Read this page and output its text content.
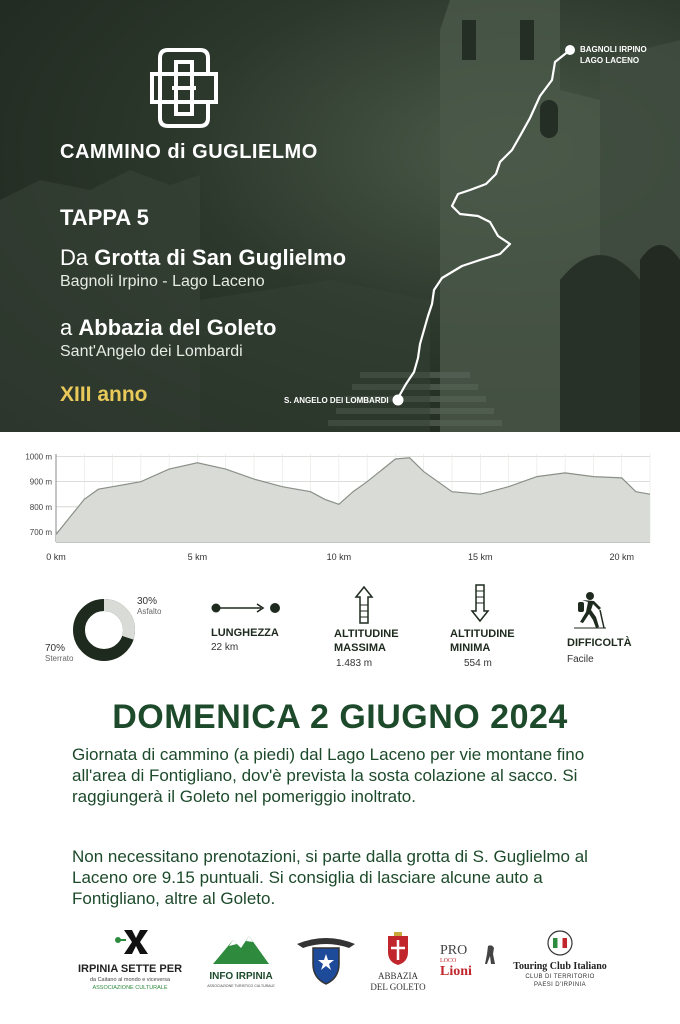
CAMMINO di GUGLIELMO
TAPPA 5
Da Grotta di San Guglielmo
Bagnoli Irpino - Lago Laceno
a Abbazia del Goleto
Sant'Angelo dei Lombardi
XIII anno
BAGNOLI IRPINO
LAGO LACENO
S. ANGELO DEI LOMBARDI
700 m
800 m
900 m
1000 m
0 km	5 km	10 km	15 km	20 km
30%
Asfalto
70%
Sterrato
LUNGHEZZA
22 km
ALTITUDINE
MASSIMA
1.483 m
ALTITUDINE
MINIMA
554 m
DIFFICOLTÀ
Facile
DOMENICA 2 GIUGNO 2024
Giornata di cammino (a piedi) dal Lago Laceno per vie montane fino all'area di Fontigliano, dov'è prevista la sosta colazione al sacco. Si raggiungerà il Goleto nel pomeriggio inoltrato.
Non necessitano prenotazioni, si parte dalla grotta di S. Guglielmo al Laceno ore 9.15 puntuali. Si consiglia di lasciare alcune auto a Fontigliano, altre al Goleto.
IRPINIA SETTE PER
da Caitano al mondo e viceversa
ASSOCIAZIONE CULTURALE
INFO IRPINIA
ASSOCIAZIONE TURISTICO CULTURALE
ABBAZIA
DEL GOLETO
PRO
LOCO
Lioni	Touring Club Italiano
CLUB DI TERRITORIO
PAESI D'IRPINIA
